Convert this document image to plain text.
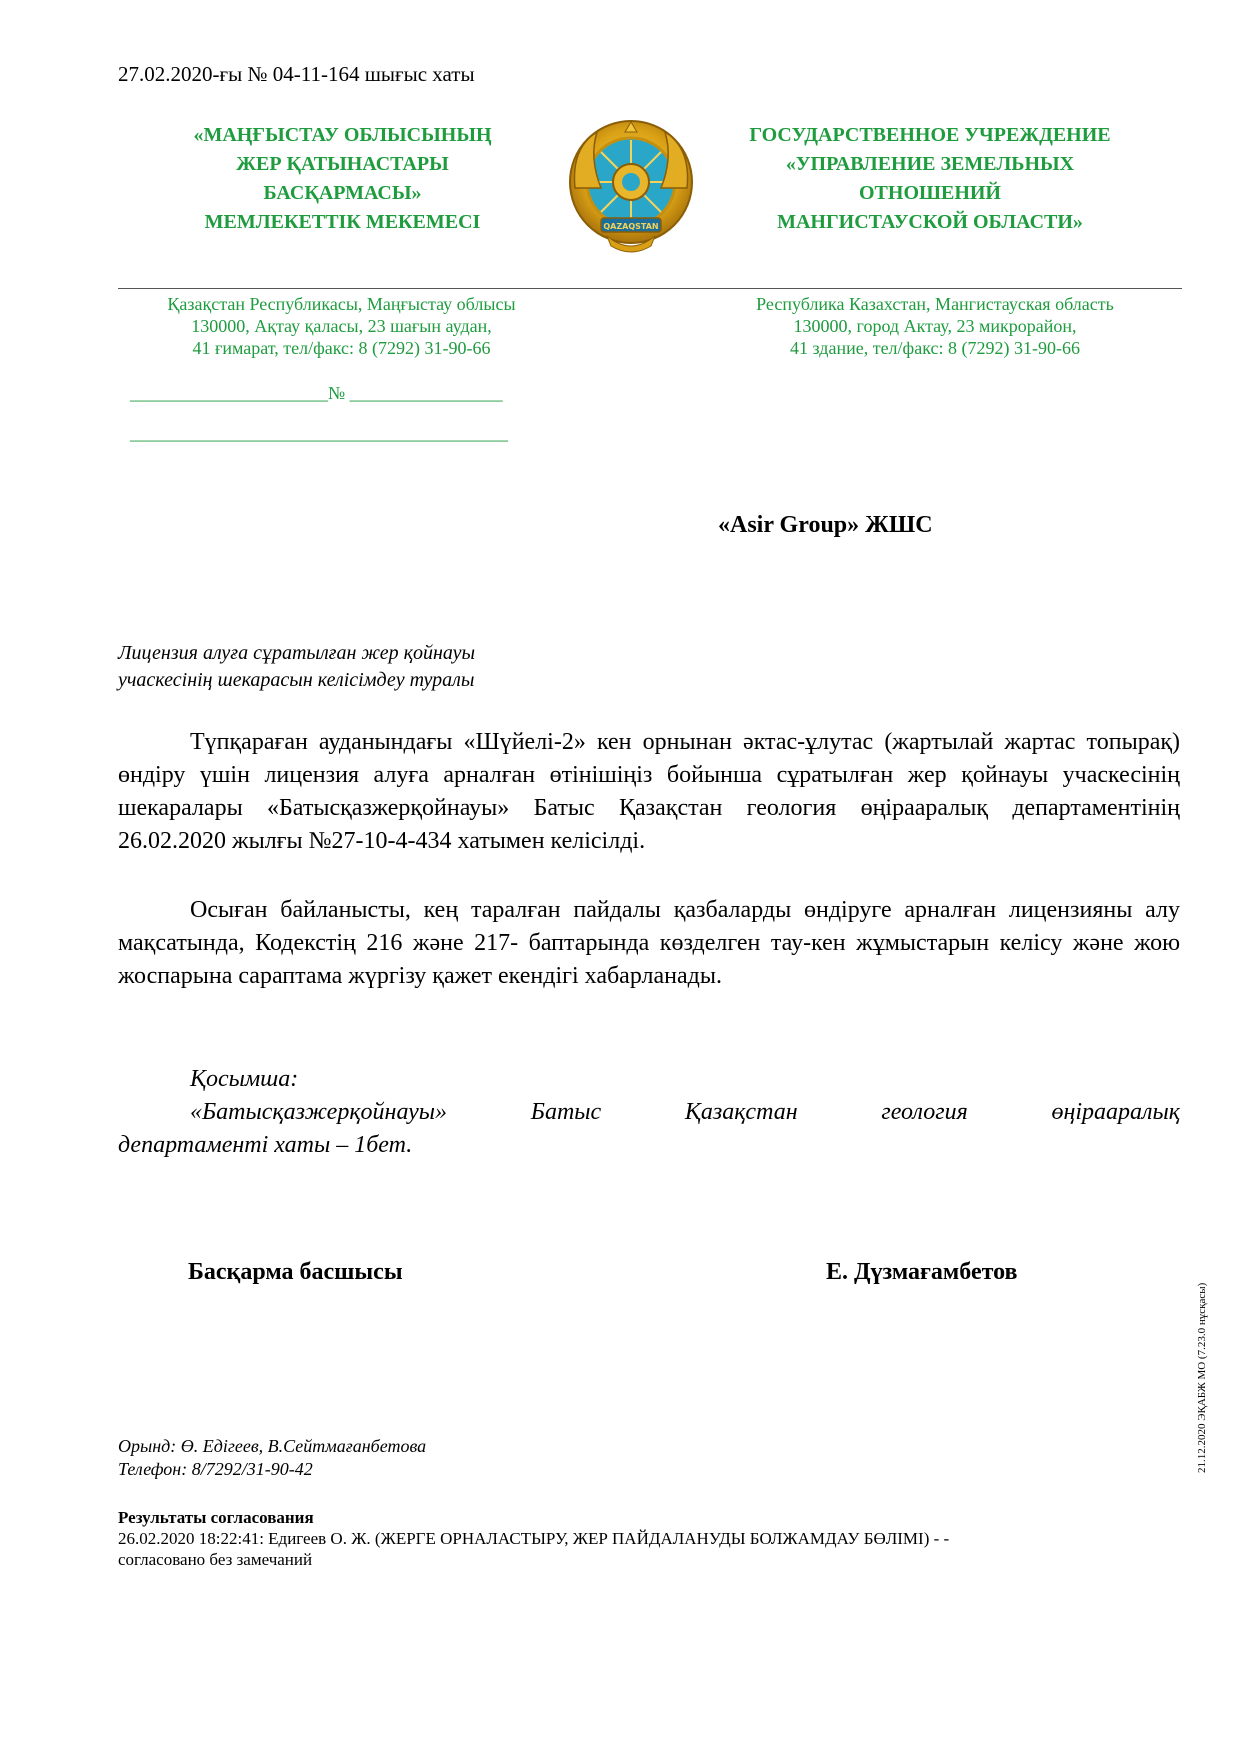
27.02.2020-ғы № 04-11-164 шығыс хаты
«МАҢҒЫСТАУ ОБЛЫСЫНЫҢ
ЖЕР ҚАТЫНАСТАРЫ
БАСҚАРМАСЫ»
МЕМЛЕКЕТТІК МЕКЕМЕСІ	QAZAQSTAN
ГОСУДАРСТВЕННОЕ УЧРЕЖДЕНИЕ
«УПРАВЛЕНИЕ ЗЕМЕЛЬНЫХ
ОТНОШЕНИЙ
МАНГИСТАУСКОЙ ОБЛАСТИ»
Қазақстан Республикасы, Маңғыстау облысы
130000, Ақтау қаласы, 23 шағын аудан,
41 ғимарат, тел/факс: 8 (7292) 31-90-66
Республика Казахстан, Мангистауская область
130000, город Актау, 23 микрорайон,
41 здание, тел/факс: 8 (7292) 31-90-66
______________________№ _________________
__________________________________________
«Asir Group» ЖШС
Лицензия алуға сұратылған жер қойнауы
учаскесінің шекарасын келісімдеу туралы

Түпқараған ауданындағы «Шүйелі-2» кен орнынан әктас-ұлутас (жартылай жартас топырақ) өндіру үшін лицензия алуға арналған өтінішіңіз бойынша сұратылған жер қойнауы учаскесінің шекаралары «Батысқазжерқойнауы» Батыс Қазақстан геология өңірааралық департаментінің 26.02.2020 жылғы №27-10-4-434 хатымен келісілді.

Осыған байланысты, кең таралған пайдалы қазбаларды өндіруге арналған лицензияны алу мақсатында, Кодекстің 216 және 217- баптарында көзделген тау-кен жұмыстарын келісу және жою жоспарына сараптама жүргізу қажет екендігі хабарланады.

Қосымша:
«Батысқазжерқойнауы»	Батыс	Қазақстан	геология	өңірааралық
департаменті хаты – 1бет.
Басқарма басшысы	Е. Дүзмағамбетов
Орынд: Ө. Едігеев, В.Сейтмағанбетова
Телефон: 8/7292/31-90-42
Результаты согласования
26.02.2020 18:22:41: Едигеев О. Ж. (ЖЕРГЕ ОРНАЛАСТЫРУ, ЖЕР ПАЙДАЛАНУДЫ БОЛЖАМДАУ БӨЛІМІ) - -
согласовано без замечаний
21.12.2020 ЭҚАБЖ МО (7.23.0 нұсқасы)
